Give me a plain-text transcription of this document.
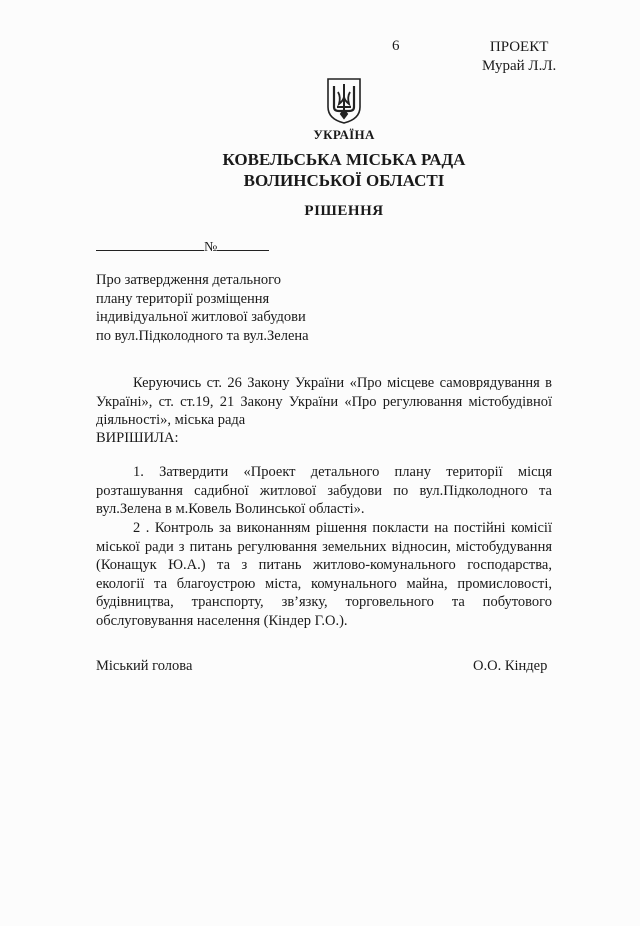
6	ПРОЕКТ
Мурай Л.Л.
УКРАЇНА
КОВЕЛЬСЬКА МІСЬКА РАДА
ВОЛИНСЬКОЇ ОБЛАСТІ
РІШЕННЯ
№
Про затвердження детального
плану території розміщення
індивідуальної житлової забудови
по вул.Підколодного та вул.Зелена
Керуючись ст. 26 Закону України «Про місцеве самоврядування в Україні», ст. ст.19, 21 Закону України «Про регулювання містобудівної діяльності», міська рада
ВИРІШИЛА:
1. Затвердити «Проект детального плану території місця розташування садибної житлової забудови по вул.Підколодного та вул.Зелена в м.Ковель Волинської області».
2 . Контроль за виконанням рішення покласти на постійні комісії міської ради з питань регулювання земельних відносин, містобудування (Конащук Ю.А.) та з питань житлово-комунального господарства, екології та благоустрою міста, комунального майна, промисловості, будівництва, транспорту, зв’язку, торговельного та побутового обслуговування населення (Кіндер Г.О.).
Міський голова	О.О. Кіндер
